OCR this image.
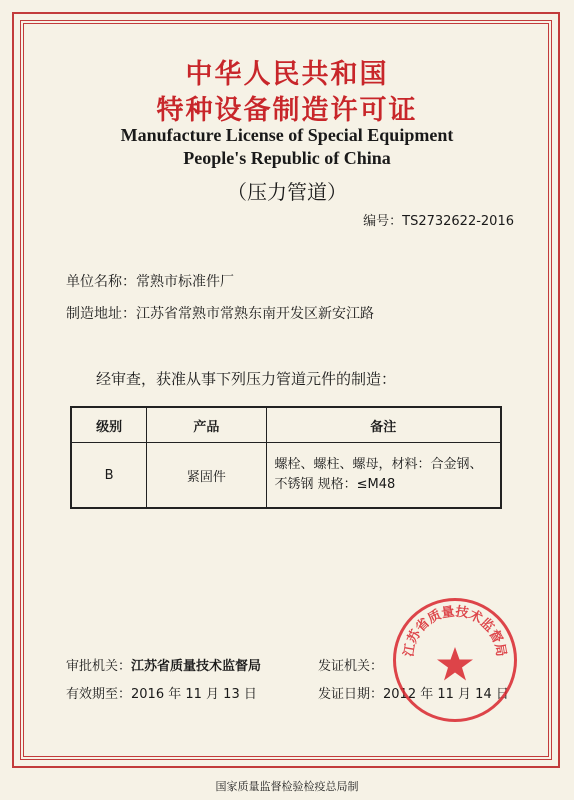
中华人民共和国
特种设备制造许可证
Manufacture License of Special Equipment
People's Republic of China
（压力管道）
编号：TS2732622-2016
单位名称：常熟市标准件厂
制造地址：江苏省常熟市常熟东南开发区新安江路
经审查，获准从事下列压力管道元件的制造：
级别	产品	备注
B	紧固件	螺栓、螺柱、螺母，材料：合金钢、
不锈钢 规格：≤M48
审批机关：江苏省质量技术监督局
有效期至：2016 年 11 月 13 日
发证机关：
发证日期：2012 年 11 月 14 日
江苏省质量技术监督局
国家质量监督检验检疫总局制
